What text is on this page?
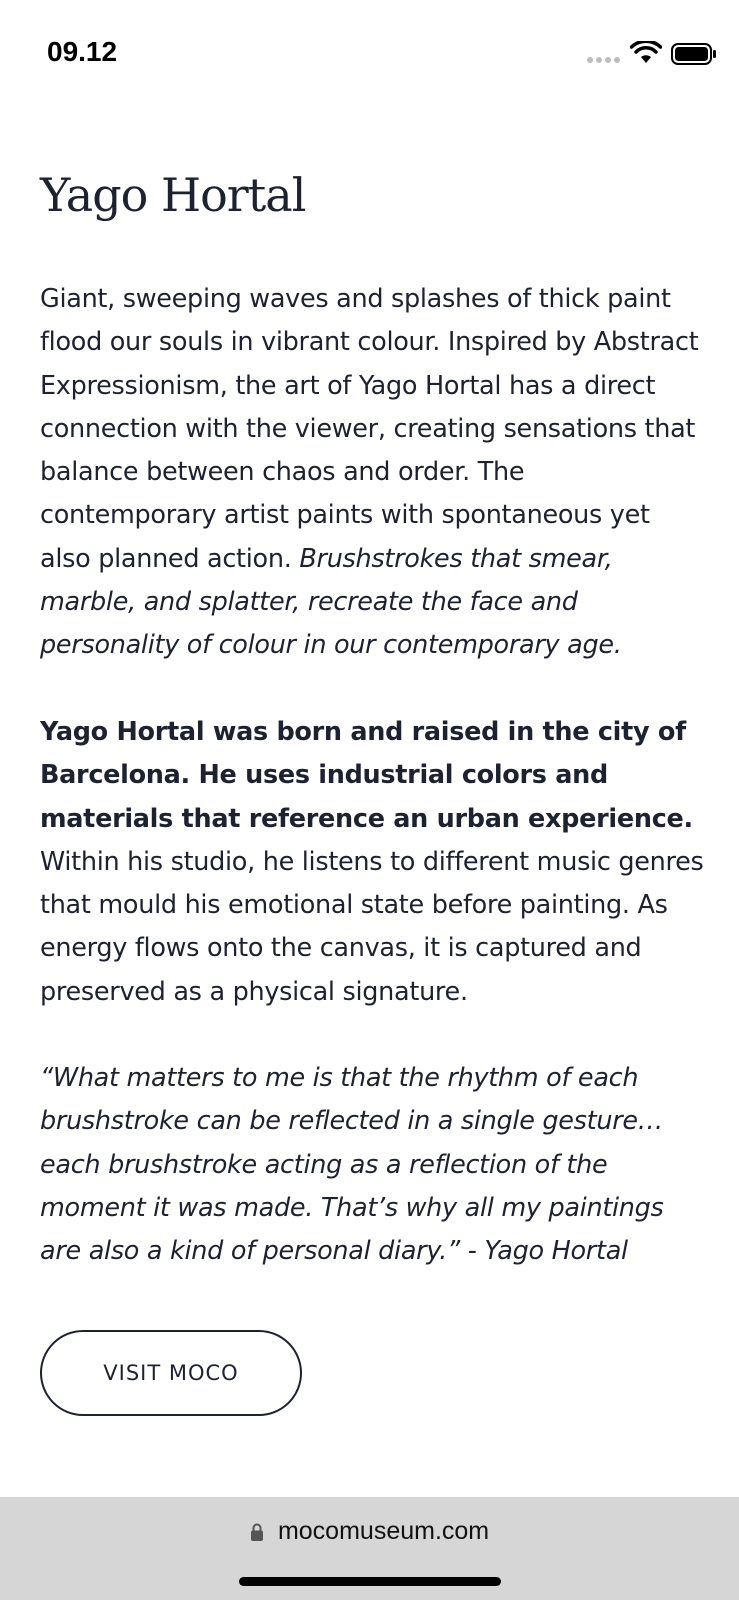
09.12
Yago Hortal

Giant, sweeping waves and splashes of thick paint flood our souls in vibrant colour. Inspired by Abstract Expressionism, the art of Yago Hortal has a direct connection with the viewer, creating sensations that balance between chaos and order. The contemporary artist paints with spontaneous yet also planned action. Brushstrokes that smear, marble, and splatter, recreate the face and personality of colour in our contemporary age.

Yago Hortal was born and raised in the city of Barcelona. He uses industrial colors and materials that reference an urban experience. Within his studio, he listens to different music genres that mould his emotional state before painting. As energy flows onto the canvas, it is captured and preserved as a physical signature.

“What matters to me is that the rhythm of each brushstroke can be reflected in a single gesture… each brushstroke acting as a reflection of the moment it was made. That’s why all my paintings are also a kind of personal diary.” - Yago Hortal

VISIT MOCO
mocomuseum.com
